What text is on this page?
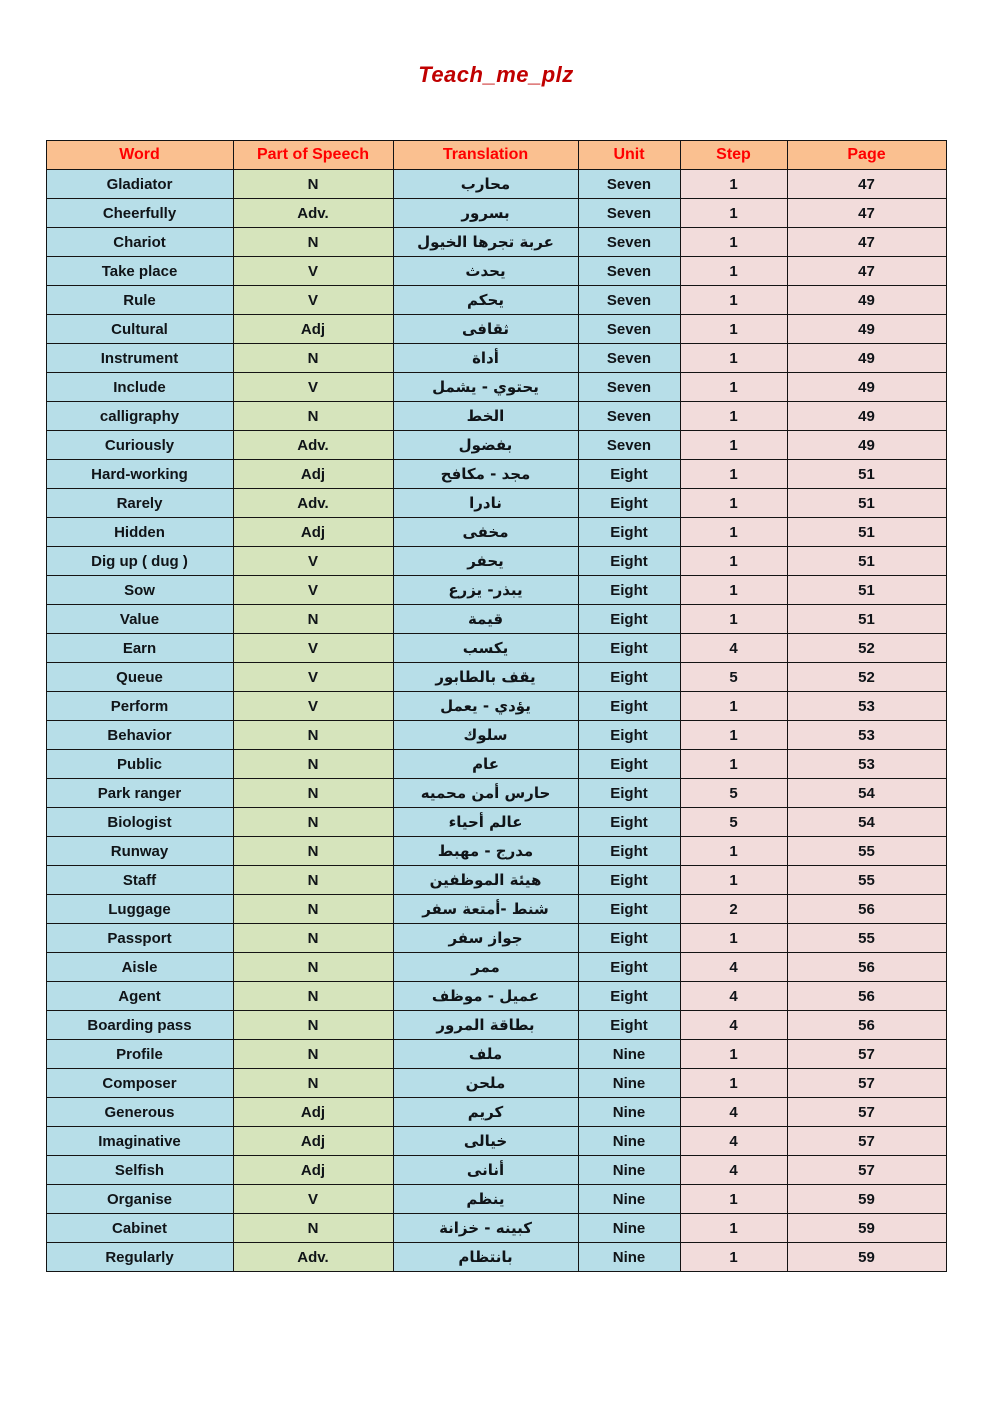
Teach_me_plz
Word	Part of Speech	Translation	Unit	Step	Page
Gladiator	N	محارب	Seven	1	47
Cheerfully	Adv.	بسرور	Seven	1	47
Chariot	N	عربة تجرها الخيول	Seven	1	47
Take place	V	يحدث	Seven	1	47
Rule	V	يحكم	Seven	1	49
Cultural	Adj	ثقافى	Seven	1	49
Instrument	N	أداة	Seven	1	49
Include	V	يحتوي - يشمل	Seven	1	49
calligraphy	N	الخط	Seven	1	49
Curiously	Adv.	بفضول	Seven	1	49
Hard-working	Adj	مجد - مكافح	Eight	1	51
Rarely	Adv.	نادرا	Eight	1	51
Hidden	Adj	مخفى	Eight	1	51
Dig up ( dug )	V	يحفر	Eight	1	51
Sow	V	يبذر- يزرع	Eight	1	51
Value	N	قيمة	Eight	1	51
Earn	V	يكسب	Eight	4	52
Queue	V	يقف بالطابور	Eight	5	52
Perform	V	يؤدي - يعمل	Eight	1	53
Behavior	N	سلوك	Eight	1	53
Public	N	عام	Eight	1	53
Park ranger	N	حارس أمن محميه	Eight	5	54
Biologist	N	عالم أحياء	Eight	5	54
Runway	N	مدرج - مهبط	Eight	1	55
Staff	N	هيئة الموظفين	Eight	1	55
Luggage	N	شنط -أمتعة سفر	Eight	2	56
Passport	N	جواز سفر	Eight	1	55
Aisle	N	ممر	Eight	4	56
Agent	N	عميل - موظف	Eight	4	56
Boarding pass	N	بطاقة المرور	Eight	4	56
Profile	N	ملف	Nine	1	57
Composer	N	ملحن	Nine	1	57
Generous	Adj	كريم	Nine	4	57
Imaginative	Adj	خيالى	Nine	4	57
Selfish	Adj	أنانى	Nine	4	57
Organise	V	ينظم	Nine	1	59
Cabinet	N	كبينه - خزانة	Nine	1	59
Regularly	Adv.	بانتظام	Nine	1	59
